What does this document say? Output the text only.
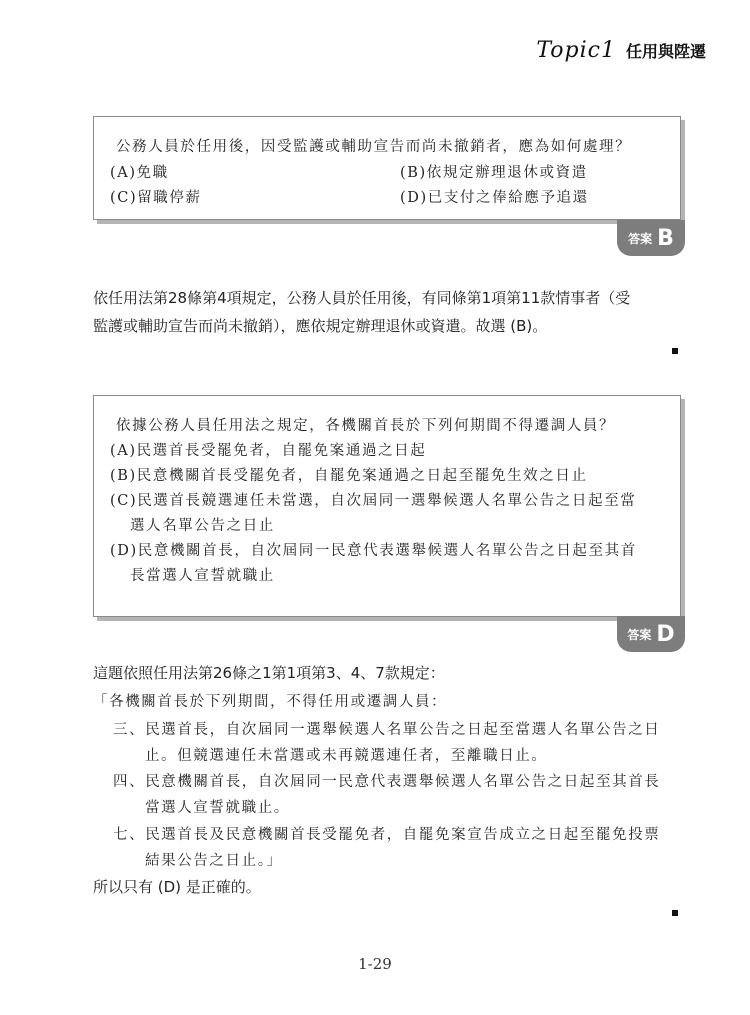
Topic1 任用與陞遷
公務人員於任用後，因受監護或輔助宣告而尚未撤銷者，應為如何處理？
(A)免職	(B)依規定辦理退休或資遣
(C)留職停薪	(D)已支付之俸給應予追還
答案 B
依任用法第28條第4項規定，公務人員於任用後，有同條第1項第11款情事者（受
監護或輔助宣告而尚未撤銷），應依規定辦理退休或資遣。故選 (B)。
依據公務人員任用法之規定，各機關首長於下列何期間不得遷調人員？
(A)民選首長受罷免者，自罷免案通過之日起
(B)民意機關首長受罷免者，自罷免案通過之日起至罷免生效之日止
(C)民選首長競選連任未當選，自次屆同一選舉候選人名單公告之日起至當
選人名單公告之日止
(D)民意機關首長，自次屆同一民意代表選舉候選人名單公告之日起至其首
長當選人宣誓就職止
答案 D
這題依照任用法第26條之1第1項第3、4、7款規定：
「各機關首長於下列期間，不得任用或遷調人員：
三、民選首長，自次屆同一選舉候選人名單公告之日起至當選人名單公告之日
止。但競選連任未當選或未再競選連任者，至離職日止。
四、民意機關首長，自次屆同一民意代表選舉候選人名單公告之日起至其首長
當選人宣誓就職止。
七、民選首長及民意機關首長受罷免者，自罷免案宣告成立之日起至罷免投票
結果公告之日止。」
所以只有 (D) 是正確的。
1-29
